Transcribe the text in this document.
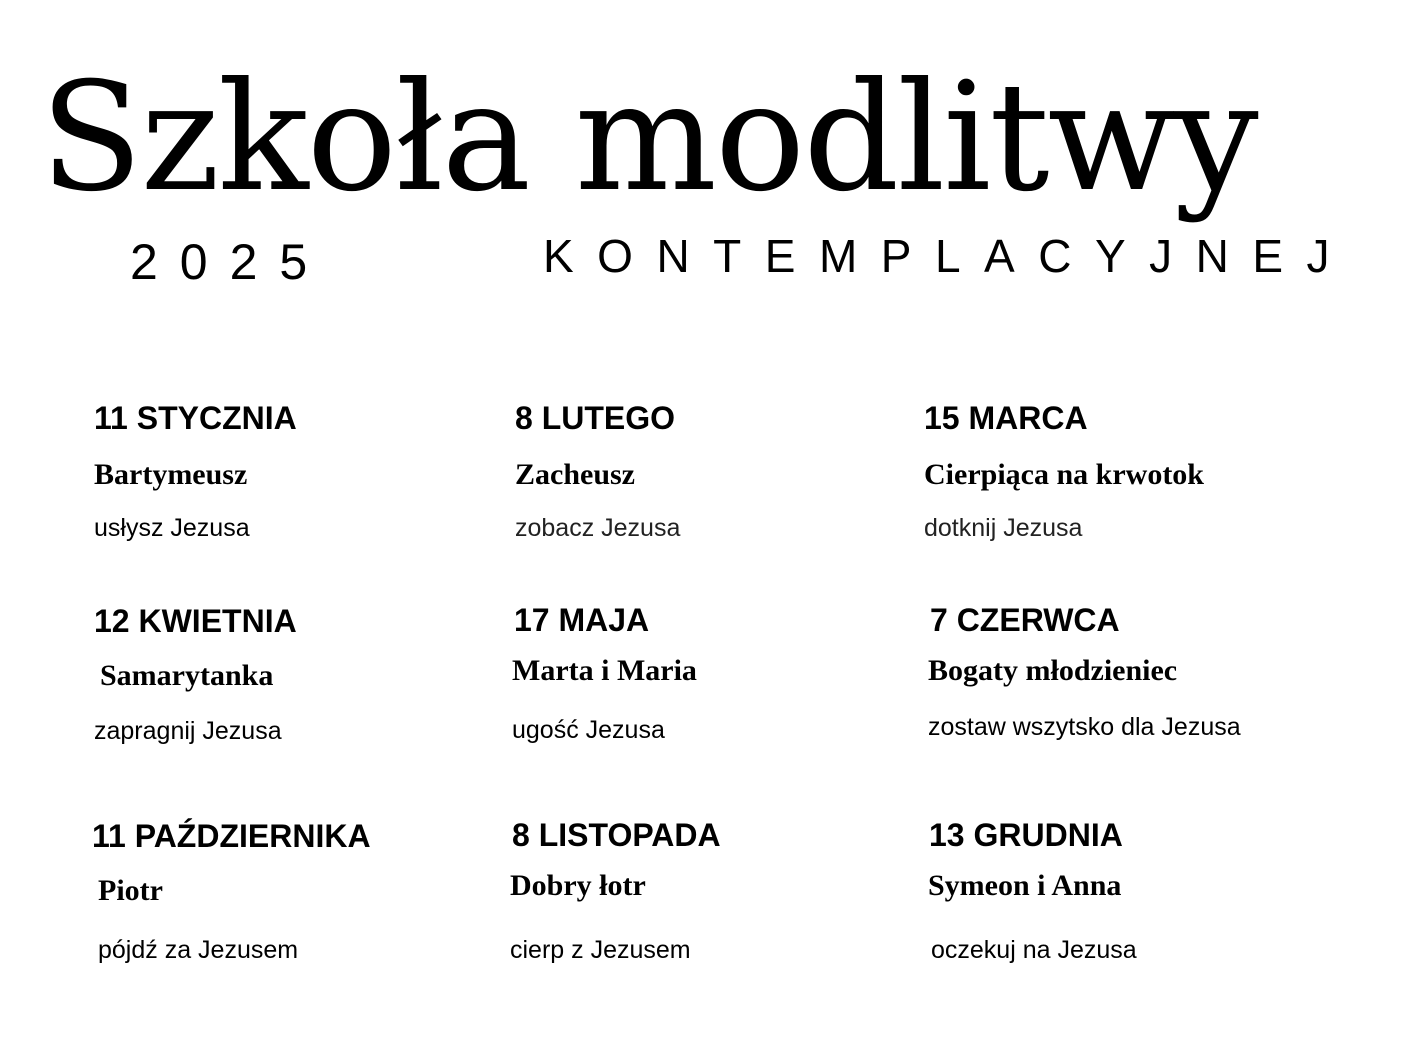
Szkoła modlitwy
2025	KONTEMPLACYJNEJ
11 STYCZNIA
Bartymeusz
usłysz Jezusa
8 LUTEGO
Zacheusz
zobacz Jezusa
15 MARCA
Cierpiąca na krwotok
dotknij Jezusa
12 KWIETNIA
Samarytanka
zapragnij Jezusa
17 MAJA
Marta i Maria
ugość Jezusa
7 CZERWCA
Bogaty młodzieniec
zostaw wszytsko dla Jezusa
11 PAŹDZIERNIKA
Piotr
pójdź za Jezusem
8 LISTOPADA
Dobry łotr
cierp z Jezusem
13 GRUDNIA
Symeon i Anna
oczekuj na Jezusa
